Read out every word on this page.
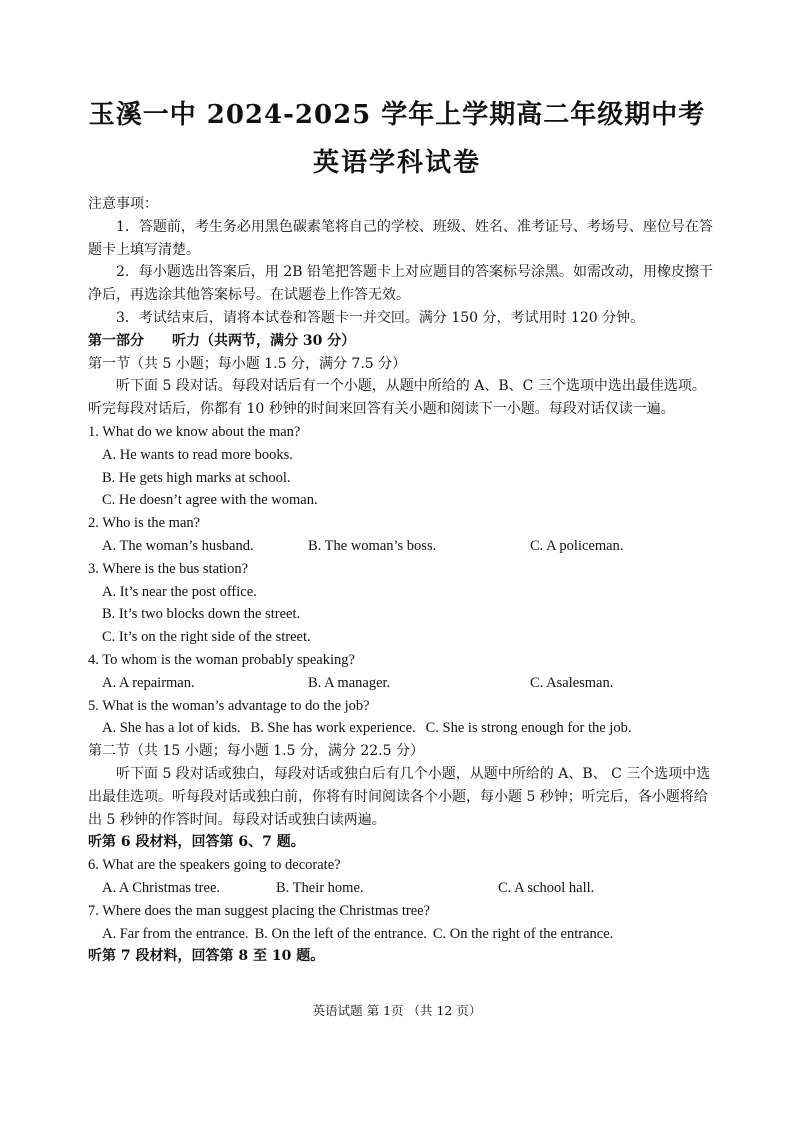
玉溪一中 2024-2025 学年上学期高二年级期中考
英语学科试卷

注意事项：

1．答题前，考生务必用黑色碳素笔将自己的学校、班级、姓名、准考证号、考场号、座位号在答题卡上填写清楚。

2．每小题选出答案后，用 2B 铅笔把答题卡上对应题目的答案标号涂黑。如需改动，用橡皮擦干净后，再选涂其他答案标号。在试题卷上作答无效。

3．考试结束后，请将本试卷和答题卡一并交回。满分 150 分，考试用时 120 分钟。

第一部分　　听力（共两节，满分 30 分）

第一节（共 5 小题；每小题 1.5 分，满分 7.5 分）

听下面 5 段对话。每段对话后有一个小题，从题中所给的 A、B、C 三个选项中选出最佳选项。听完每段对话后，你都有 10 秒钟的时间来回答有关小题和阅读下一小题。每段对话仅读一遍。

1. What do we know about the man?

A. He wants to read more books.

B. He gets high marks at school.

C. He doesn’t agree with the woman.

2. Who is the man?

A. The woman’s husband.	B. The woman’s boss.	C. A policeman.

3. Where is the bus station?

A. It’s near the post office.

B. It’s two blocks down the street.

C. It’s on the right side of the street.

4. To whom is the woman probably speaking?

A. A repairman.	B. A manager.	C. Asalesman.

5. What is the woman’s advantage to do the job?

A. She has a lot of kids. B. She has work experience. C. She is strong enough for the job.

第二节（共 15 小题；每小题 1.5 分，满分 22.5 分）

听下面 5 段对话或独白，每段对话或独白后有几个小题，从题中所给的 A、B、 C 三个选项中选出最佳选项。听每段对话或独白前，你将有时间阅读各个小题，每小题 5 秒钟；听完后，各小题将给出 5 秒钟的作答时间。每段对话或独白读两遍。

听第 6 段材料，回答第 6、7 题。

6. What are the speakers going to decorate?

A. A Christmas tree.	B. Their home.	C. A school hall.

7. Where does the man suggest placing the Christmas tree?

A. Far from the entrance. B. On the left of the entrance. C. On the right of the entrance.

听第 7 段材料，回答第 8 至 10 题。

英语试题 第 1页 （共 12 页）
